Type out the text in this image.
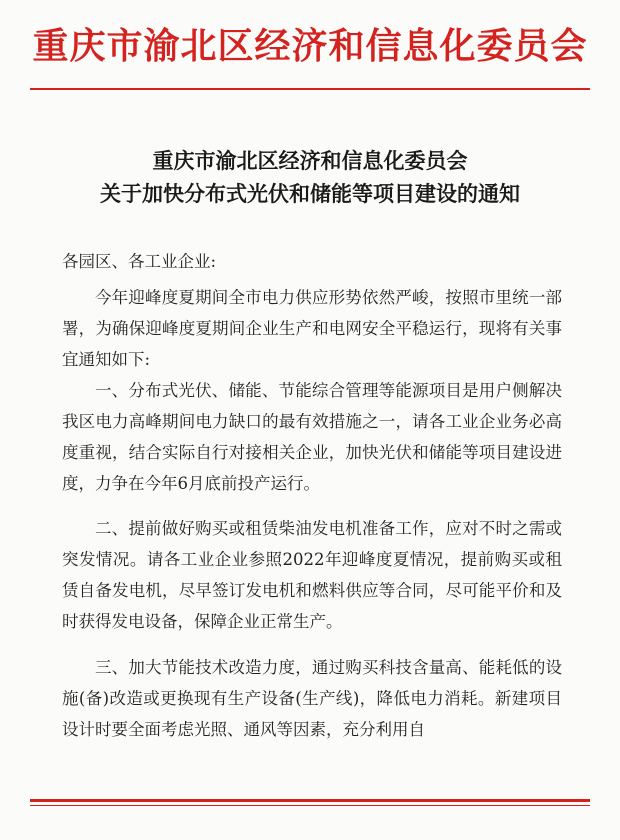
重庆市渝北区经济和信息化委员会
重庆市渝北区经济和信息化委员会
关于加快分布式光伏和储能等项目建设的通知
各园区、各工业企业:
今年迎峰度夏期间全市电力供应形势依然严峻，按照市里统一部署，为确保迎峰度夏期间企业生产和电网安全平稳运行，现将有关事宜通知如下:
一、分布式光伏、储能、节能综合管理等能源项目是用户侧解决我区电力高峰期间电力缺口的最有效措施之一，请各工业企业务必高度重视，结合实际自行对接相关企业，加快光伏和储能等项目建设进度，力争在今年6月底前投产运行。
二、提前做好购买或租赁柴油发电机准备工作，应对不时之需或突发情况。请各工业企业参照2022年迎峰度夏情况，提前购买或租赁自备发电机，尽早签订发电机和燃料供应等合同，尽可能平价和及时获得发电设备，保障企业正常生产。
三、加大节能技术改造力度，通过购买科技含量高、能耗低的设施(备)改造或更换现有生产设备(生产线)，降低电力消耗。新建项目设计时要全面考虑光照、通风等因素，充分利用自
